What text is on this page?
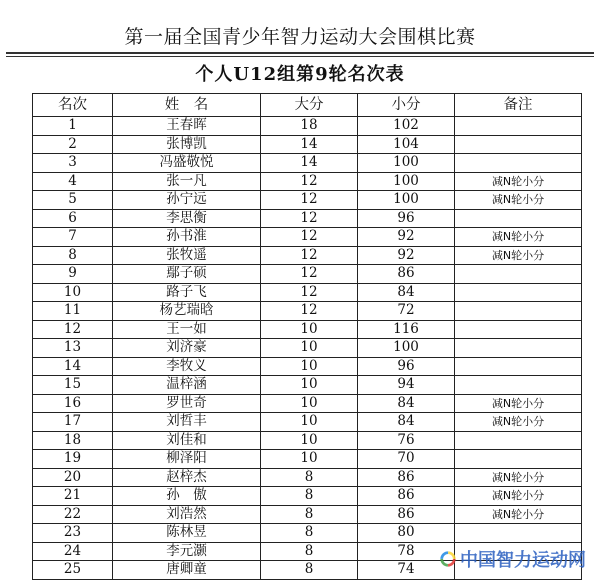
第一届全国青少年智力运动大会围棋比赛
个人U12组第9轮名次表
名次	姓　名	大分	小分	备注
1	王春晖	18	102	
2	张博凯	14	104	
3	冯盛敬悦	14	100	
4	张一凡	12	100	减N轮小分
5	孙宁远	12	100	减N轮小分
6	李思衡	12	96	
7	孙书淮	12	92	减N轮小分
8	张牧遥	12	92	减N轮小分
9	鄢子硕	12	86	
10	路子飞	12	84	
11	杨艺瑞晗	12	72	
12	王一如	10	116	
13	刘济豪	10	100	
14	李牧义	10	96	
15	温梓涵	10	94	
16	罗世奇	10	84	减N轮小分
17	刘哲丰	10	84	减N轮小分
18	刘佳和	10	76	
19	柳泽阳	10	70	
20	赵梓杰	8	86	减N轮小分
21	孙　傲	8	86	减N轮小分
22	刘浩然	8	86	减N轮小分
23	陈林昱	8	80	
24	李元灏	8	78	
25	唐卿童	8	74		中国智力运动网
